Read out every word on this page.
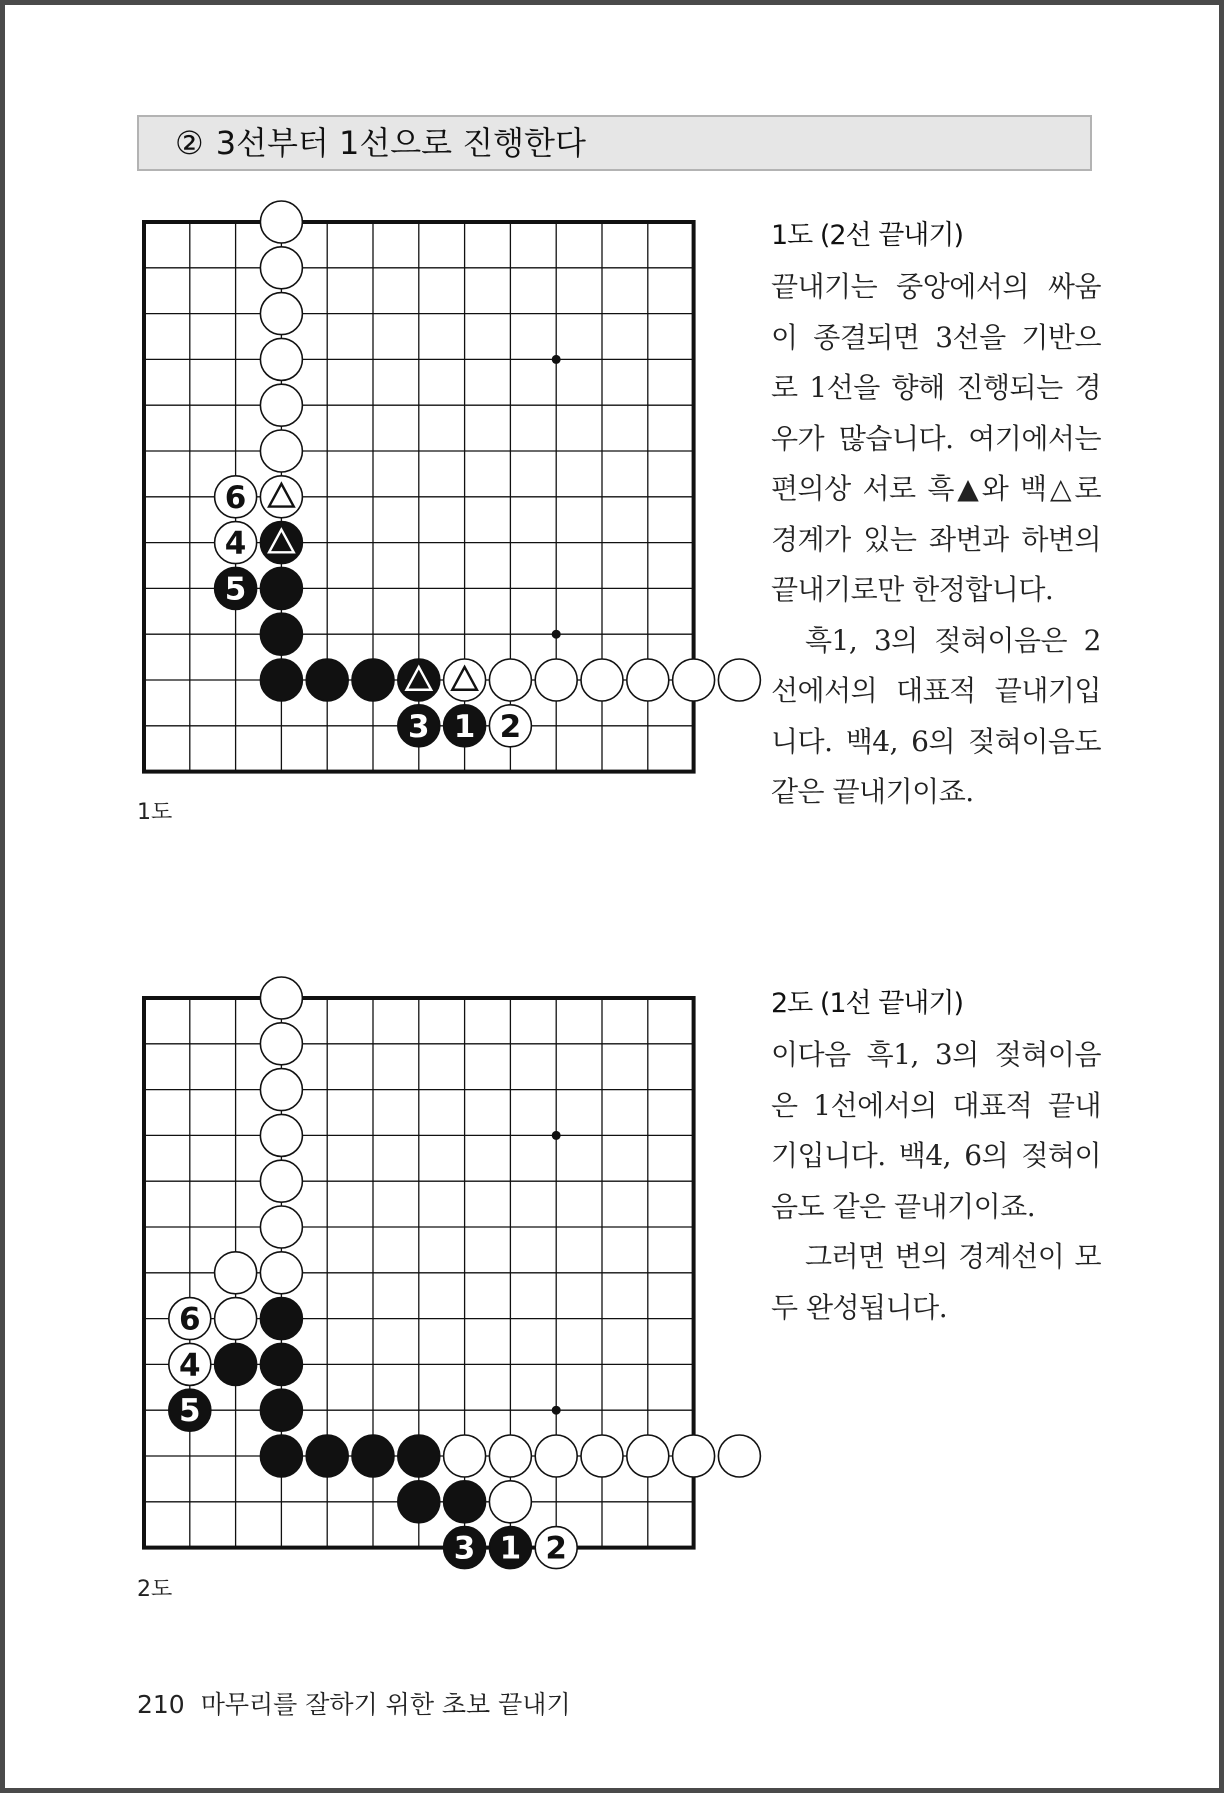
② 3선부터 1선으로 진행한다
6
4
5
3 1 2
1도
1도 (2선 끝내기)

끝내기는 중앙에서의 싸움이 종결되면 3선을 기반으로 1선을 향해 진행되는 경우가 많습니다. 여기에서는 편의상 서로 흑▲와 백△로 경계가 있는 좌변과 하변의 끝내기로만 한정합니다.

흑1, 3의 젖혀이음은 2선에서의 대표적 끝내기입니다. 백4, 6의 젖혀이음도 같은 끝내기이죠.

6
4
5
3 1 2
2도
2도 (1선 끝내기)

이다음 흑1, 3의 젖혀이음은 1선에서의 대표적 끝내기입니다. 백4, 6의 젖혀이음도 같은 끝내기이죠.

그러면 변의 경계선이 모두 완성됩니다.

210 마무리를 잘하기 위한 초보 끝내기
